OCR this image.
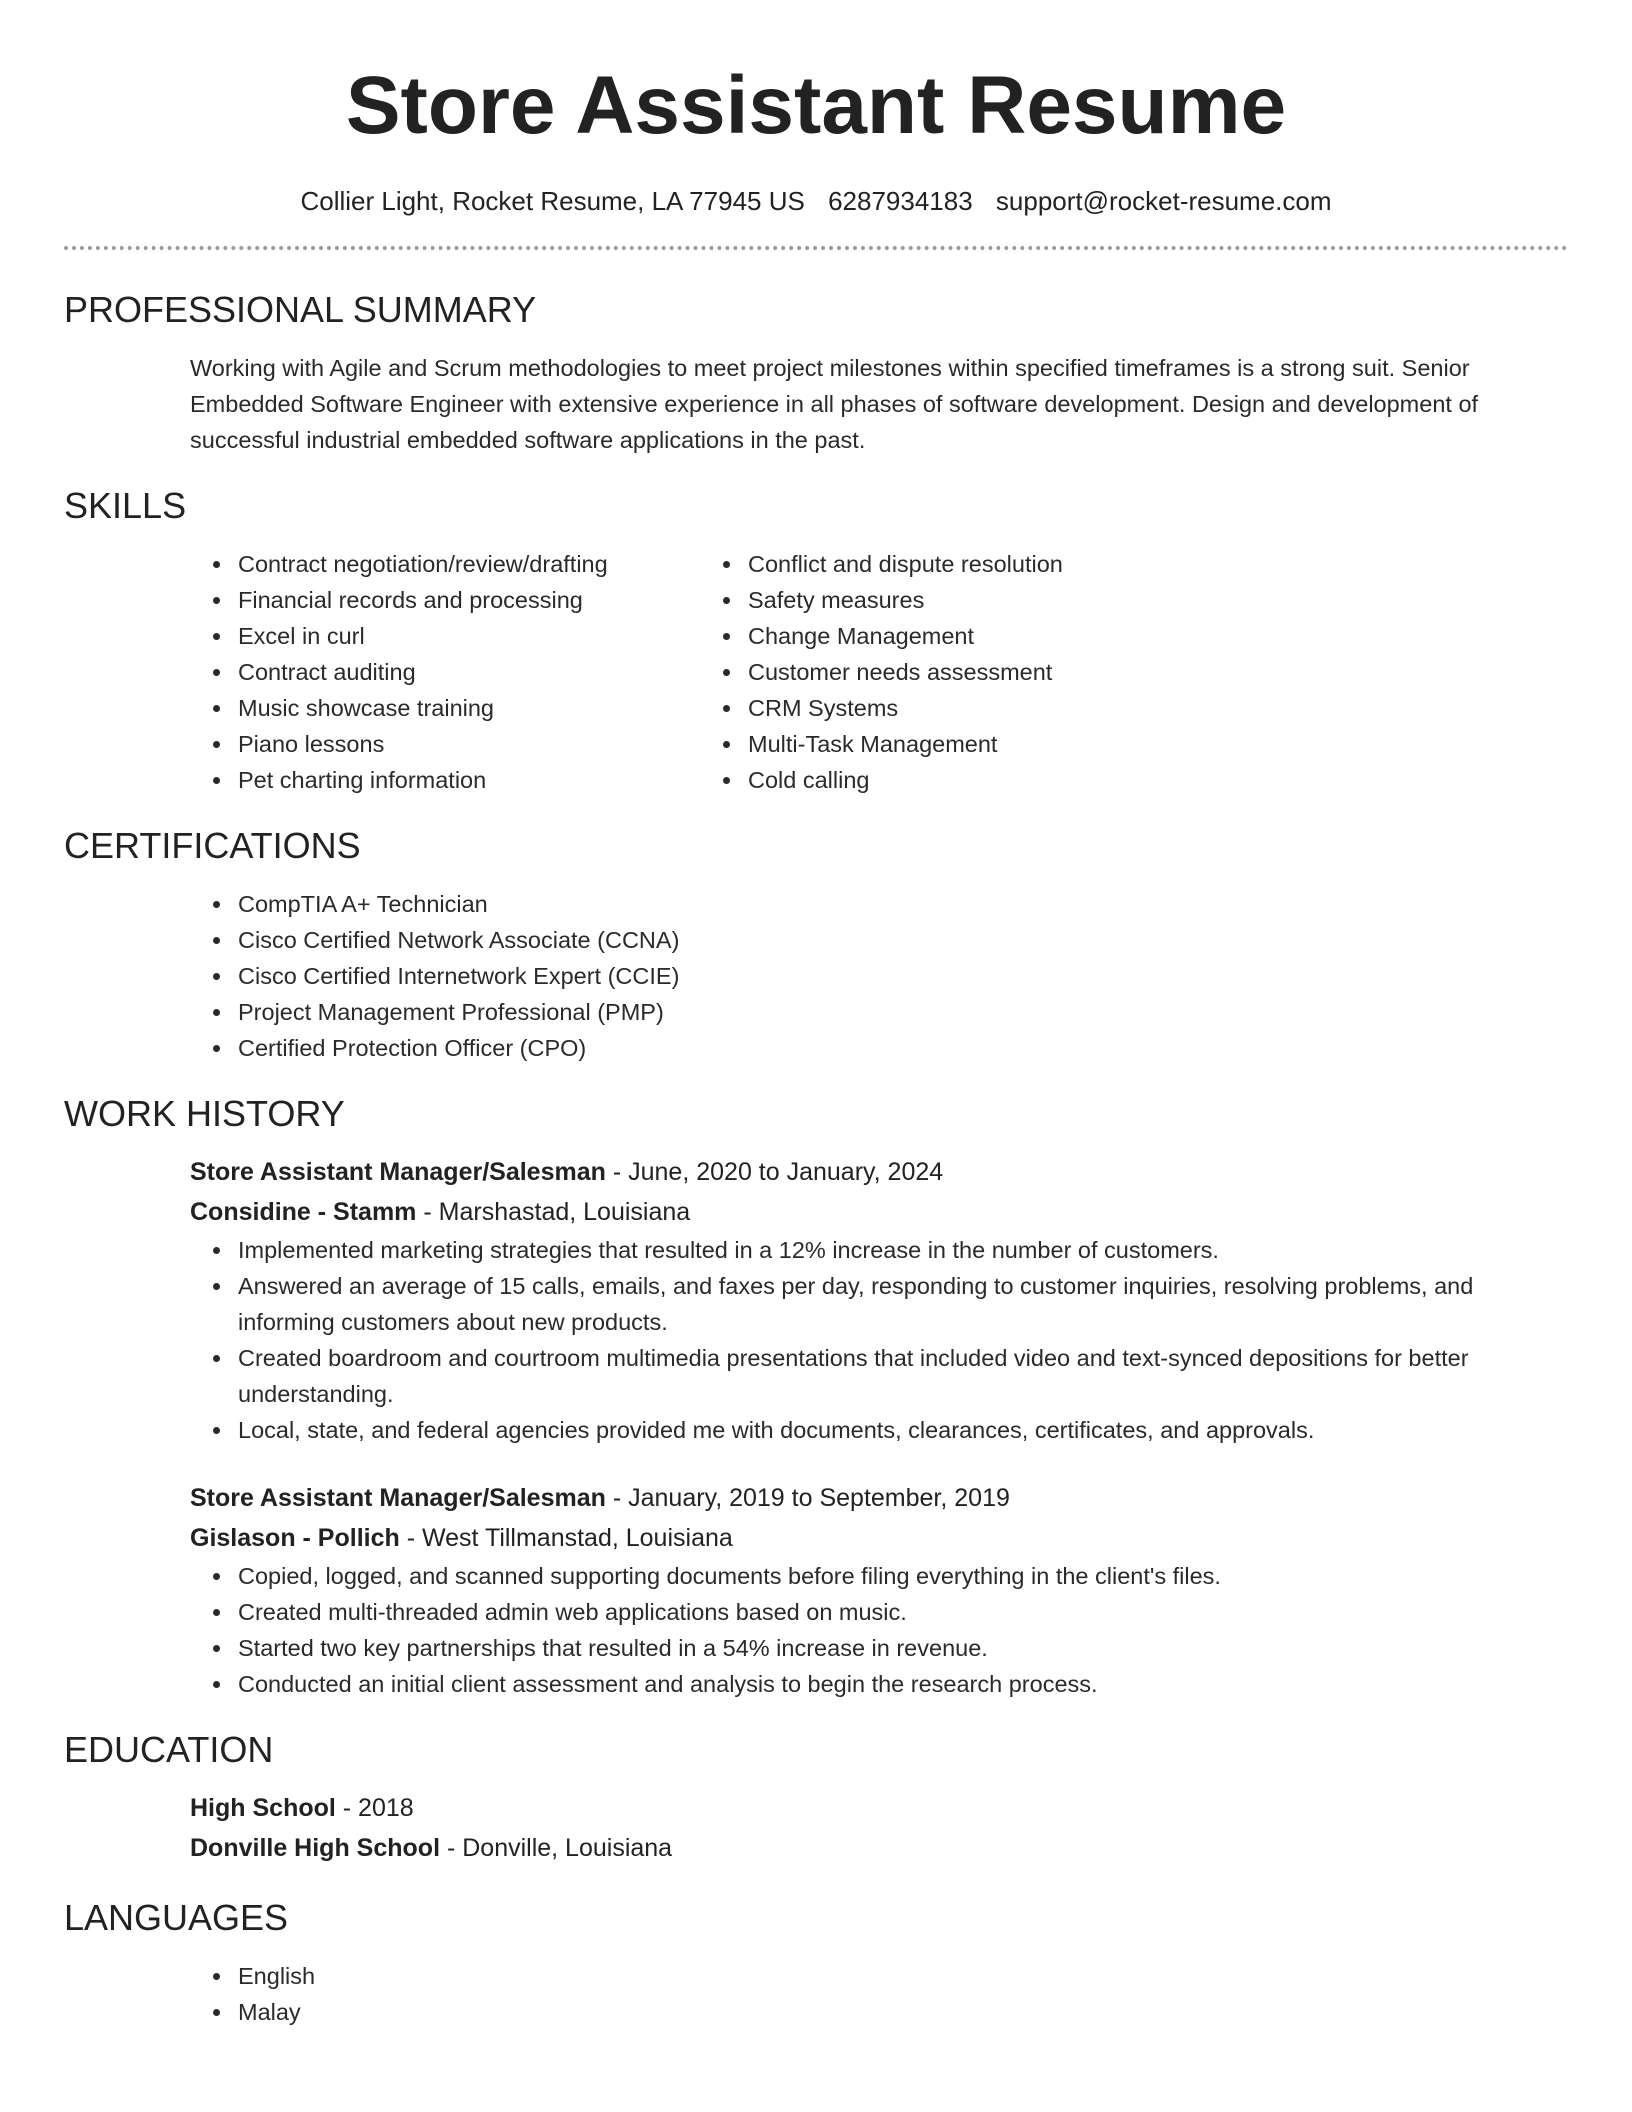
Store Assistant Resume
Collier Light, Rocket Resume, LA 77945 US 6287934183 support@rocket-resume.com
PROFESSIONAL SUMMARY

Working with Agile and Scrum methodologies to meet project milestones within specified timeframes is a strong suit. Senior Embedded Software Engineer with extensive experience in all phases of software development. Design and development of successful industrial embedded software applications in the past.

SKILLS
• Contract negotiation/review/drafting
• Financial records and processing
• Excel in curl
• Contract auditing
• Music showcase training
• Piano lessons
• Pet charting information
• Conflict and dispute resolution
• Safety measures
• Change Management
• Customer needs assessment
• CRM Systems
• Multi-Task Management
• Cold calling
CERTIFICATIONS
• CompTIA A+ Technician
• Cisco Certified Network Associate (CCNA)
• Cisco Certified Internetwork Expert (CCIE)
• Project Management Professional (PMP)
• Certified Protection Officer (CPO)
WORK HISTORY
Store Assistant Manager/Salesman - June, 2020 to January, 2024
Considine - Stamm - Marshastad, Louisiana
• Implemented marketing strategies that resulted in a 12% increase in the number of customers.
• Answered an average of 15 calls, emails, and faxes per day, responding to customer inquiries, resolving problems, and informing customers about new products.
• Created boardroom and courtroom multimedia presentations that included video and text-synced depositions for better understanding.
• Local, state, and federal agencies provided me with documents, clearances, certificates, and approvals.
Store Assistant Manager/Salesman - January, 2019 to September, 2019
Gislason - Pollich - West Tillmanstad, Louisiana
• Copied, logged, and scanned supporting documents before filing everything in the client's files.
• Created multi-threaded admin web applications based on music.
• Started two key partnerships that resulted in a 54% increase in revenue.
• Conducted an initial client assessment and analysis to begin the research process.
EDUCATION
High School - 2018
Donville High School - Donville, Louisiana
LANGUAGES
• English
• Malay
